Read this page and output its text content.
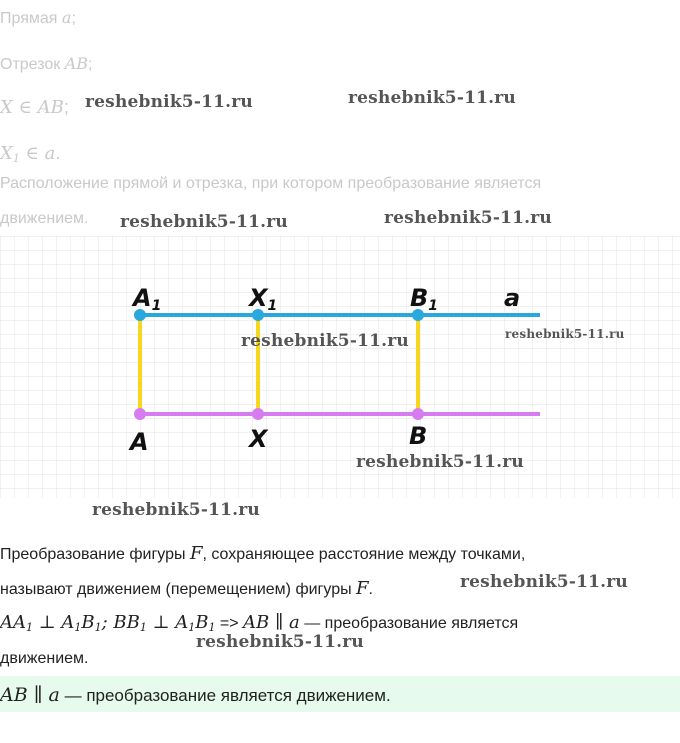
Прямая a;
Отрезок AB;
X ∈ AB;
$X_1$ ∈ a.
Расположение прямой и отрезка, при котором преобразование является
движением.
A1	X1	B1	a
A	X	B
Преобразование фигуры F, сохраняющее расстояние между точками,
называют движением (перемещением) фигуры F.
$AA_1$ ⊥ $A_1B_1$; $BB_1$ ⊥ $A_1B_1$ => AB ∥ a — преобразование является
движением.
AB ∥ a — преобразование является движением.
reshebnik5-11.ru	reshebnik5-11.ru
reshebnik5-11.ru	reshebnik5-11.ru
reshebnik5-11.ru	reshebnik5-11.ru
reshebnik5-11.ru
reshebnik5-11.ru
reshebnik5-11.ru
reshebnik5-11.ru
